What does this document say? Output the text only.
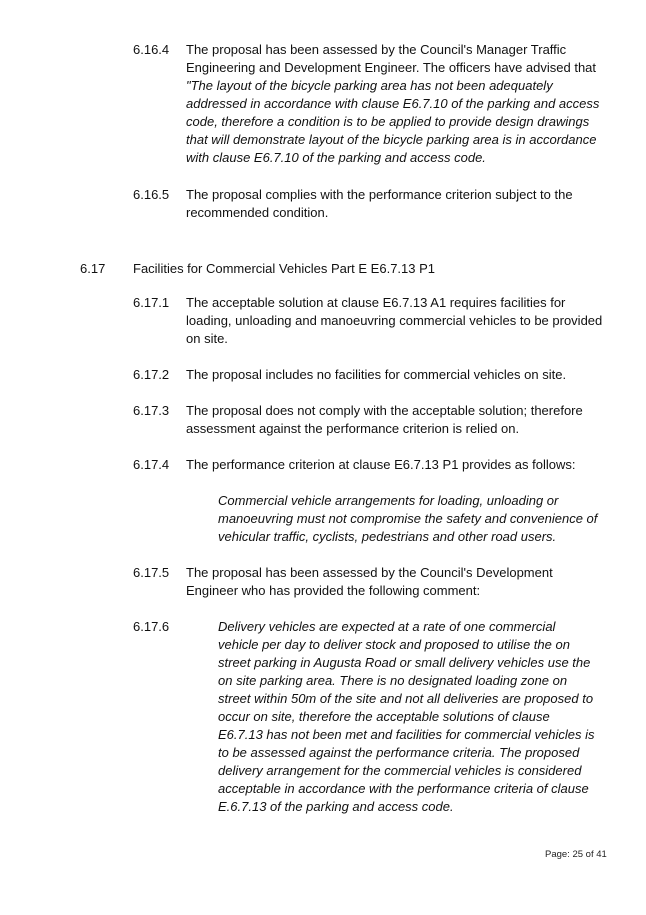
6.16.4 The proposal has been assessed by the Council's Manager Traffic Engineering and Development Engineer. The officers have advised that "The layout of the bicycle parking area has not been adequately addressed in accordance with clause E6.7.10 of the parking and access code, therefore a condition is to be applied to provide design drawings that will demonstrate layout of the bicycle parking area is in accordance with clause E6.7.10 of the parking and access code.
6.16.5 The proposal complies with the performance criterion subject to the recommended condition.
6.17 Facilities for Commercial Vehicles Part E E6.7.13 P1
6.17.1 The acceptable solution at clause E6.7.13 A1 requires facilities for loading, unloading and manoeuvring commercial vehicles to be provided on site.
6.17.2 The proposal includes no facilities for commercial vehicles on site.
6.17.3 The proposal does not comply with the acceptable solution; therefore assessment against the performance criterion is relied on.
6.17.4 The performance criterion at clause E6.7.13 P1 provides as follows:
Commercial vehicle arrangements for loading, unloading or manoeuvring must not compromise the safety and convenience of vehicular traffic, cyclists, pedestrians and other road users.
6.17.5 The proposal has been assessed by the Council's Development Engineer who has provided the following comment:
6.17.6	Delivery vehicles are expected at a rate of one commercial vehicle per day to deliver stock and proposed to utilise the on street parking in Augusta Road or small delivery vehicles use the on site parking area. There is no designated loading zone on street within 50m of the site and not all deliveries are proposed to occur on site, therefore the acceptable solutions of clause E6.7.13 has not been met and facilities for commercial vehicles is to be assessed against the performance criteria. The proposed delivery arrangement for the commercial vehicles is considered acceptable in accordance with the performance criteria of clause E.6.7.13 of the parking and access code.
Page: 25 of 41
